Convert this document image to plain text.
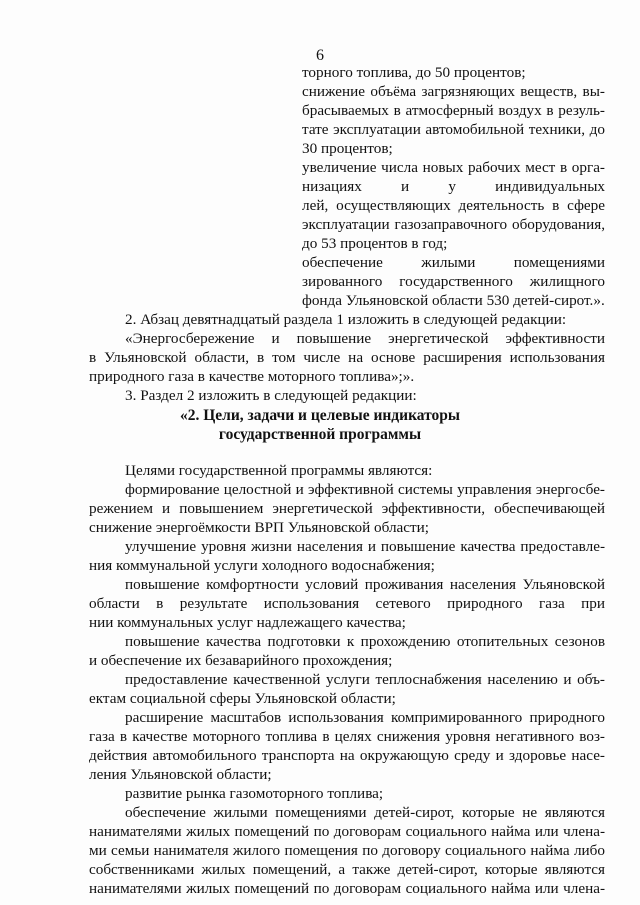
6
торного топлива, до 50 процентов;
снижение объёма загрязняющих веществ, вы-
брасываемых в атмосферный воздух в резуль-
тате эксплуатации автомобильной техники, до
30 процентов;
увеличение числа новых рабочих мест в орга-
низациях и у индивидуальных
лей, осуществляющих деятельность в сфере
эксплуатации газозаправочного оборудования,
до 53 процентов в год;
обеспечение жилыми помещениями
зированного государственного жилищного
фонда Ульяновской области 530 детей-сирот.».
2. Абзац девятнадцатый раздела 1 изложить в следующей редакции:
«Энергосбережение и повышение энергетической эффективности
в Ульяновской области, в том числе на основе расширения использования
природного газа в качестве моторного топлива»;».
3. Раздел 2 изложить в следующей редакции:
«2. Цели, задачи и целевые индикаторы
государственной программы
Целями государственной программы являются:
формирование целостной и эффективной системы управления энергосбе-
режением и повышением энергетической эффективности, обеспечивающей
снижение энергоёмкости ВРП Ульяновской области;
улучшение уровня жизни населения и повышение качества предоставле-
ния коммунальной услуги холодного водоснабжения;
повышение комфортности условий проживания населения Ульяновской
области в результате использования сетевого природного газа при
нии коммунальных услуг надлежащего качества;
повышение качества подготовки к прохождению отопительных сезонов
и обеспечение их безаварийного прохождения;
предоставление качественной услуги теплоснабжения населению и объ-
ектам социальной сферы Ульяновской области;
расширение масштабов использования компримированного природного
газа в качестве моторного топлива в целях снижения уровня негативного воз-
действия автомобильного транспорта на окружающую среду и здоровье насе-
ления Ульяновской области;
развитие рынка газомоторного топлива;
обеспечение жилыми помещениями детей-сирот, которые не являются
нанимателями жилых помещений по договорам социального найма или члена-
ми семьи нанимателя жилого помещения по договору социального найма либо
собственниками жилых помещений, а также детей-сирот, которые являются
нанимателями жилых помещений по договорам социального найма или члена-
